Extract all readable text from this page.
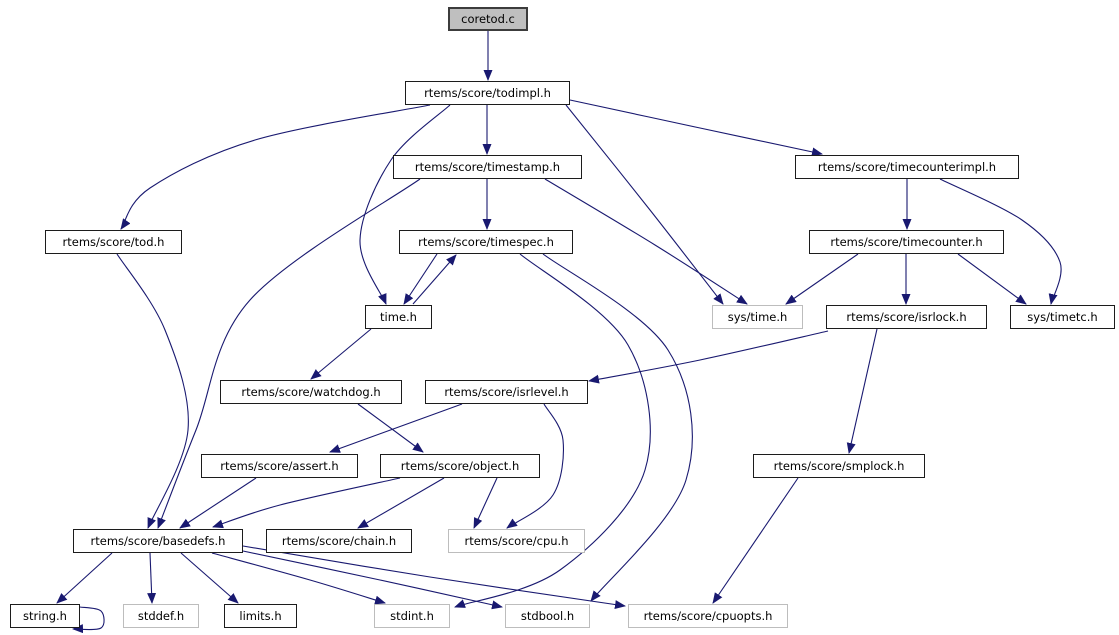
coretod.c
rtems/score/todimpl.h
rtems/score/timestamp.h	rtems/score/timecounterimpl.h
rtems/score/tod.h	rtems/score/timespec.h	rtems/score/timecounter.h
time.h	sys/time.h	rtems/score/isrlock.h	sys/timetc.h
rtems/score/watchdog.h	rtems/score/isrlevel.h
rtems/score/assert.h	rtems/score/object.h	rtems/score/smplock.h
rtems/score/basedefs.h	rtems/score/chain.h	rtems/score/cpu.h
string.h	stddef.h	limits.h	stdint.h	stdbool.h	rtems/score/cpuopts.h
